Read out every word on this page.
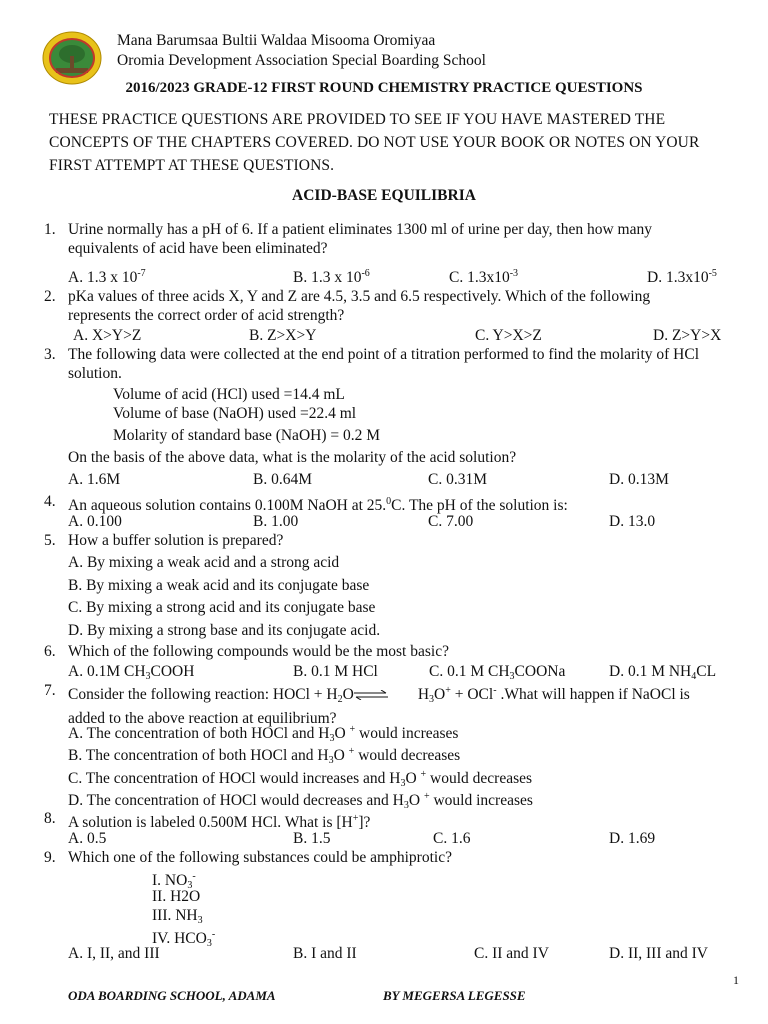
Mana Barumsaa Bultii Waldaa Misooma Oromiyaa
Oromia Development Association Special Boarding School
2016/2023 GRADE-12 FIRST ROUND CHEMISTRY PRACTICE QUESTIONS
THESE PRACTICE QUESTIONS ARE PROVIDED TO SEE IF YOU HAVE MASTERED THE
CONCEPTS OF THE CHAPTERS COVERED. DO NOT USE YOUR BOOK OR NOTES ON YOUR
FIRST ATTEMPT AT THESE QUESTIONS.
ACID-BASE EQUILIBRIA
1. Urine normally has a pH of 6. If a patient eliminates 1300 ml of urine per day, then how many
equivalents of acid have been eliminated?
A. 1.3 x $10^{-7}$	B. 1.3 x $10^{-6}$	C. $1.3x10^{-3}$	D. $1.3x10^{-5}$
2. pKa values of three acids X, Y and Z are 4.5, 3.5 and 6.5 respectively. Which of the following
represents the correct order of acid strength?
A. X>Y>Z	B. Z>X>Y	C. Y>X>Z	D. Z>Y>X
3. The following data were collected at the end point of a titration performed to find the molarity of HCl
solution.
Volume of acid (HCl) used =14.4 mL
Volume of base (NaOH) used =22.4 ml
Molarity of standard base (NaOH) = 0.2 M
On the basis of the above data, what is the molarity of the acid solution?
A. 1.6M	B. 0.64M	C. 0.31M	D. 0.13M
4. An aqueous solution contains 0.100M NaOH at 25.$^0$C. The pH of the solution is:
A. 0.100	B. 1.00	C. 7.00	D. 13.0
5. How a buffer solution is prepared?
A. By mixing a weak acid and a strong acid
B. By mixing a weak acid and its conjugate base
C. By mixing a strong acid and its conjugate base
D. By mixing a strong base and its conjugate acid.
6. Which of the following compounds would be the most basic?
A. 0.1M $CH_3COOH$	B. 0.1 M HCl	C. 0.1 M $CH_3COONa$	D. 0.1 M $NH_4CL$
7. Consider the following reaction: HOCl + $H_2O\rightleftharpoons$ $H_3O^+ + OCl^-$ .What will happen if NaOCl is
added to the above reaction at equilibrium?
A. The concentration of both HOCl and $H_3O$ + would increases
B. The concentration of both HOCl and $H_3O$ + would decreases
C. The concentration of HOCl would increases and $H_3O$ + would decreases
D. The concentration of HOCl would decreases and $H_3O$ + would increases
8. A solution is labeled 0.500M HCl. What is [H+]?
A. 0.5	B. 1.5	C. 1.6	D. 1.69
9. Which one of the following substances could be amphiprotic?
I. $NO_3^-$
II. H2O
III. $NH_3$
IV. $HCO_3^-$
A. I, II, and III	B. I and II	C. II and IV	D. II, III and IV
1
ODA BOARDING SCHOOL, ADAMA	BY MEGERSA LEGESSE
